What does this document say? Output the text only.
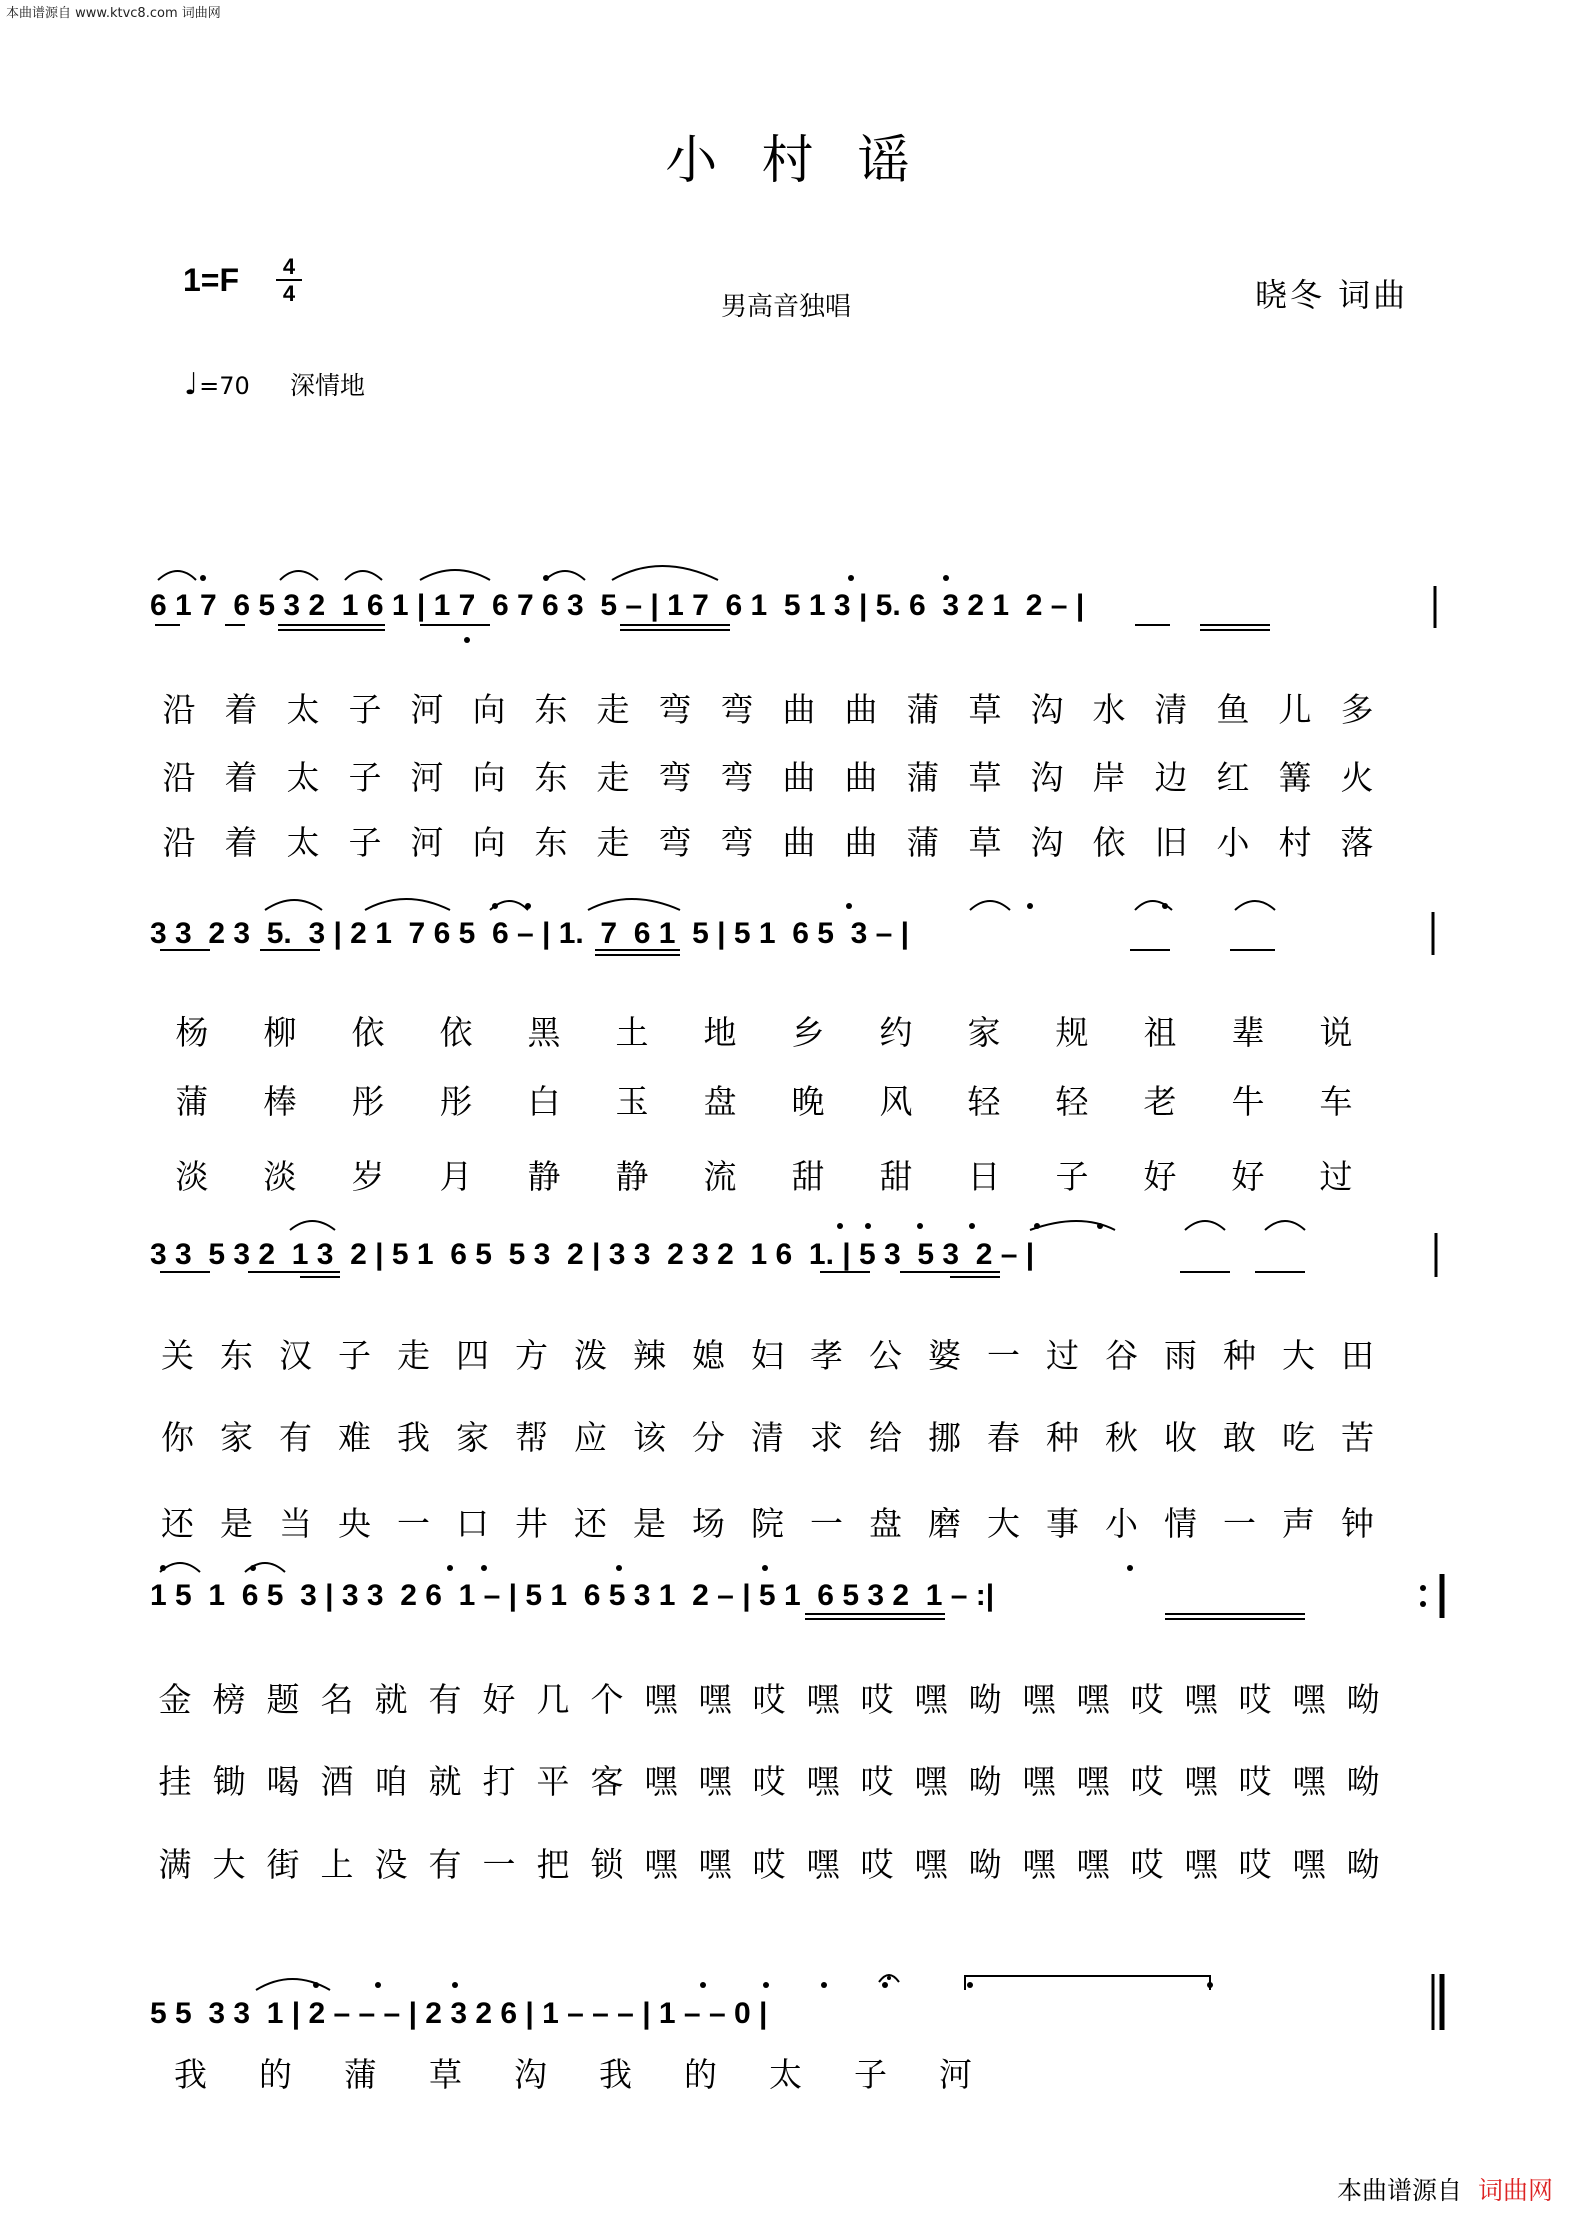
本曲谱源自 www.ktvc8.com 词曲网
小村谣
1=F	4
4	男高音独唱	晓冬 词曲
♩=70 深情地
6 1 7  6 5 3 2  1 6 1 | 1 7  6 7 6 3  5 – | 1 7  6 1  5 1 3 | 5. 6  3 2 1  2 – |
沿 着 太 子 河 向 东 走 弯 弯 曲 曲 蒲 草 沟 水 清 鱼 儿 多
沿 着 太 子 河 向 东 走 弯 弯 曲 曲 蒲 草 沟 岸 边 红 篝 火
沿 着 太 子 河 向 东 走 弯 弯 曲 曲 蒲 草 沟 依 旧 小 村 落
3 3  2 3  5.  3 | 2 1  7 6 5  6 – | 1.  7  6 1  5 | 5 1  6 5  3 – |
杨	柳	依	依	黑	土	地	乡	约	家	规	祖	辈	说
蒲	棒	彤	彤	白	玉	盘	晚	风	轻	轻	老	牛	车
淡	淡	岁	月	静	静	流	甜	甜	日	子	好	好	过
3 3  5 3 2  1 3  2 | 5 1  6 5  5 3  2 | 3 3  2 3 2  1 6  1. | 5 3  5 3  2 – |
关 东 汉 子 走 四 方 泼 辣 媳 妇 孝 公 婆 一 过 谷 雨 种 大 田
你 家 有 难 我 家 帮 应 该 分 清 求 给 挪 春 种 秋 收 敢 吃 苦
还 是 当 央 一 口 井 还 是 场 院 一 盘 磨 大 事 小 情 一 声 钟
1 5  1  6 5  3 | 3 3  2 6  1 – | 5 1  6 5 3 1  2 – | 5 1  6 5 3 2  1 – :|
金 榜 题 名 就 有 好 几 个 嘿 嘿 哎 嘿 哎 嘿 呦 嘿 嘿 哎 嘿 哎 嘿 呦
挂 锄 喝 酒 咱 就 打 平 客 嘿 嘿 哎 嘿 哎 嘿 呦 嘿 嘿 哎 嘿 哎 嘿 呦
满 大 街 上 没 有 一 把 锁 嘿 嘿 哎 嘿 哎 嘿 呦 嘿 嘿 哎 嘿 哎 嘿 呦
5 5  3 3  1 | 2 – – – | 2 3 2 6 | 1 – – – | 1 – – 0 |
我	的	蒲	草	沟	我	的	太	子	河
本曲谱源自 词曲网
